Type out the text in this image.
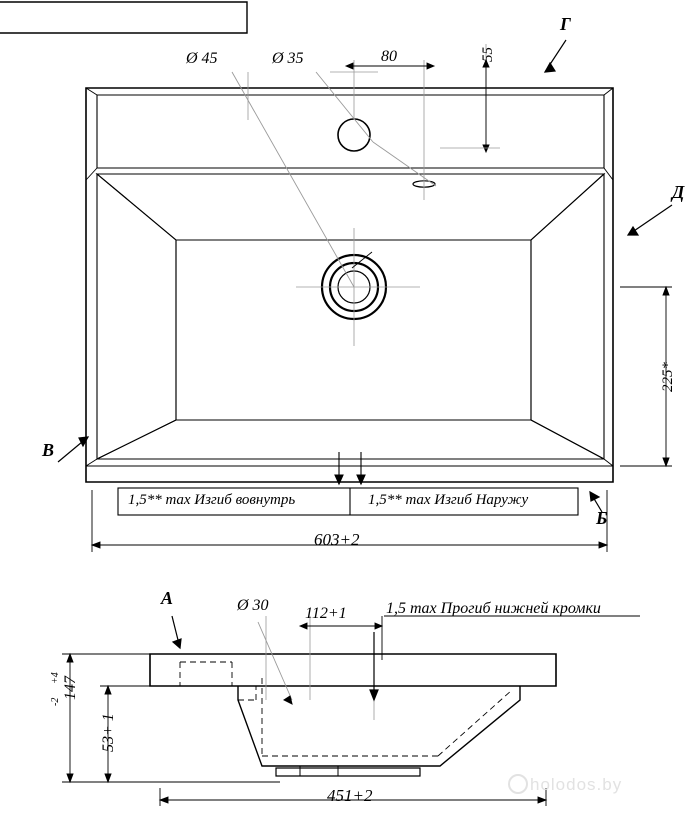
Ø 45	Ø 35	80	55
225*
603+2
1,5** max Изгиб вовнутрь	1,5** max Изгиб Наружу
Г
Д
В
Б
А	Ø 30 112+1 1,5 max Прогиб нижней кромки
147
+4
-2
53+ 1
451+2
holodos.by
